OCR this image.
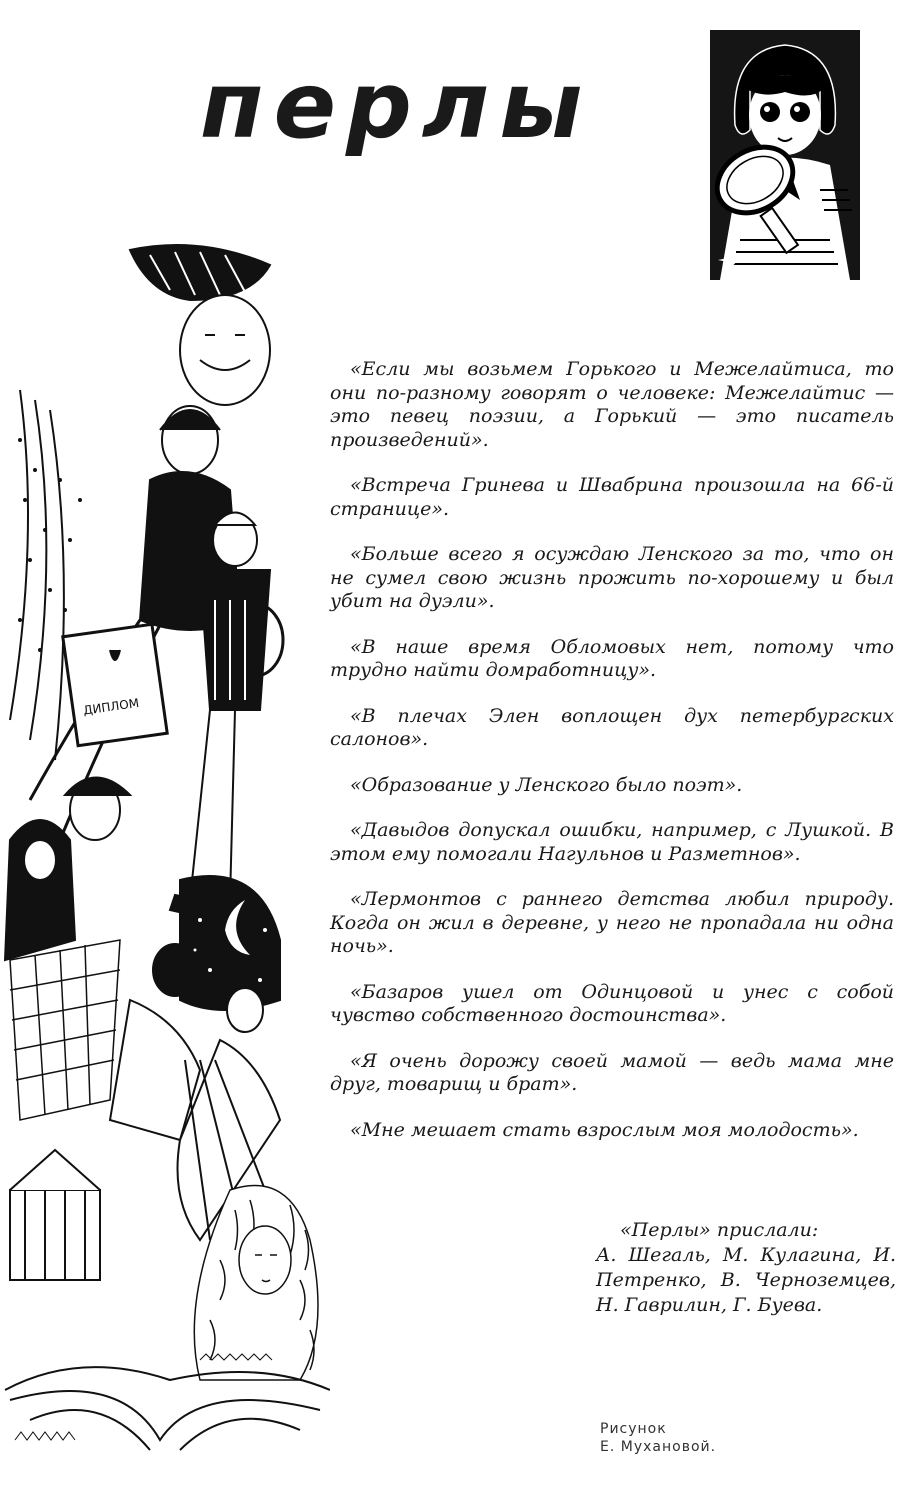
перлы
ДИПЛОМ

«Если мы возьмем Горького и Межелайтиса, то они по-разному говорят о человеке: Межелайтис — это певец поэзии, а Горький — это писатель произведений».

«Встреча Гринева и Швабрина произошла на 66-й странице».

«Больше всего я осуждаю Ленского за то, что он не сумел свою жизнь прожить по-хорошему и был убит на дуэли».

«В наше время Обломовых нет, потому что трудно найти домработницу».

«В плечах Элен воплощен дух петербургских салонов».

«Образование у Ленского было поэт».

«Давыдов допускал ошибки, например, с Лушкой. В этом ему помогали Нагульнов и Разметнов».

«Лермонтов с раннего детства любил природу. Когда он жил в деревне, у него не пропадала ни одна ночь».

«Базаров ушел от Одинцовой и унес с собой чувство собственного достоинства».

«Я очень дорожу своей мамой — ведь мама мне друг, товарищ и брат».

«Мне мешает стать взрослым моя молодость».

«Перлы» прислали:

А. Шегаль, М. Кулагина, И. Петренко, В. Черноземцев, Н. Гаврилин, Г. Буева.

Рисунок
Е. Мухановой.
